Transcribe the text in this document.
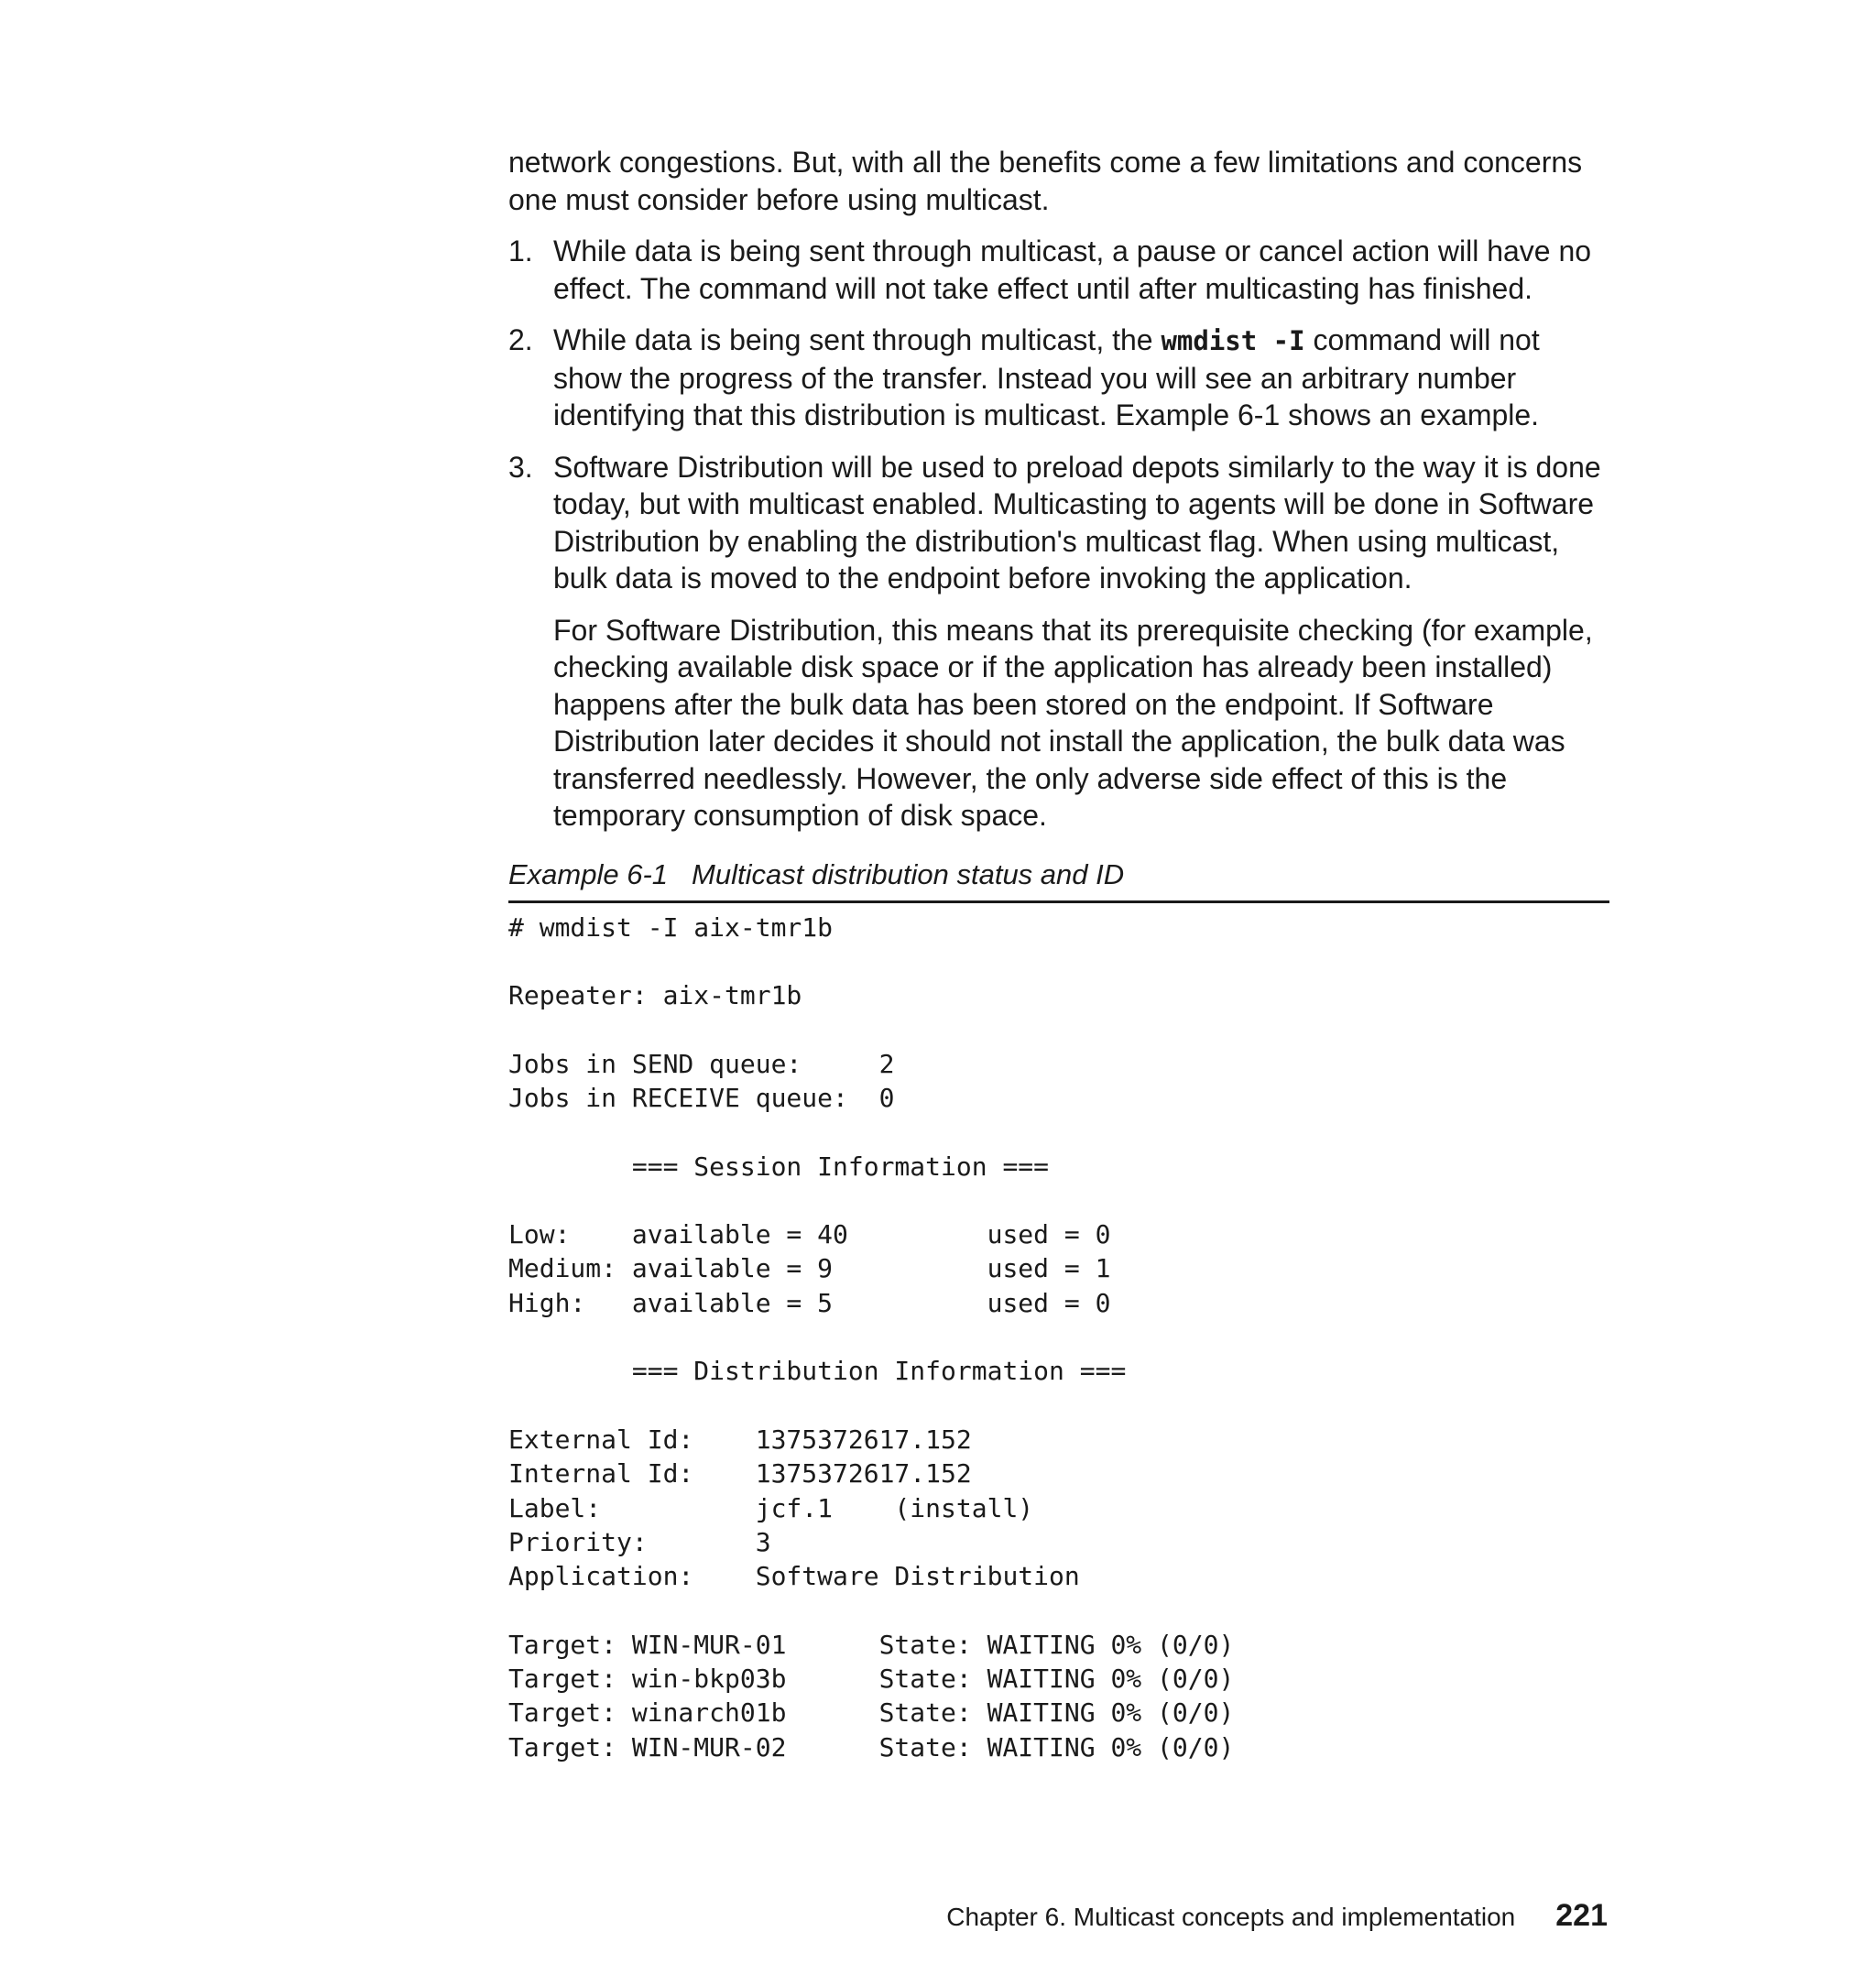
network congestions. But, with all the benefits come a few limitations and concerns one must consider before using multicast.

1. While data is being sent through multicast, a pause or cancel action will have no effect. The command will not take effect until after multicasting has finished.
2. While data is being sent through multicast, the wmdist -I command will not show the progress of the transfer. Instead you will see an arbitrary number identifying that this distribution is multicast. Example 6-1 shows an example.
3. Software Distribution will be used to preload depots similarly to the way it is done today, but with multicast enabled. Multicasting to agents will be done in Software Distribution by enabling the distribution's multicast flag. When using multicast, bulk data is moved to the endpoint before invoking the application.
For Software Distribution, this means that its prerequisite checking (for example, checking available disk space or if the application has already been installed) happens after the bulk data has been stored on the endpoint. If Software Distribution later decides it should not install the application, the bulk data was transferred needlessly. However, the only adverse side effect of this is the temporary consumption of disk space.
Example 6-1 Multicast distribution status and ID
# wmdist -I aix-tmr1b

Repeater: aix-tmr1b

Jobs in SEND queue:     2
Jobs in RECEIVE queue:  0

=== Session Information ===

Low:    available = 40         used = 0
Medium: available = 9          used = 1
High:   available = 5          used = 0

=== Distribution Information ===

External Id:    1375372617.152
Internal Id:    1375372617.152
Label:          jcf.1    (install)
Priority:       3
Application:    Software Distribution

Target: WIN-MUR-01      State: WAITING 0% (0/0)
Target: win-bkp03b      State: WAITING 0% (0/0)
Target: winarch01b      State: WAITING 0% (0/0)
Target: WIN-MUR-02      State: WAITING 0% (0/0)
Chapter 6. Multicast concepts and implementation 221
